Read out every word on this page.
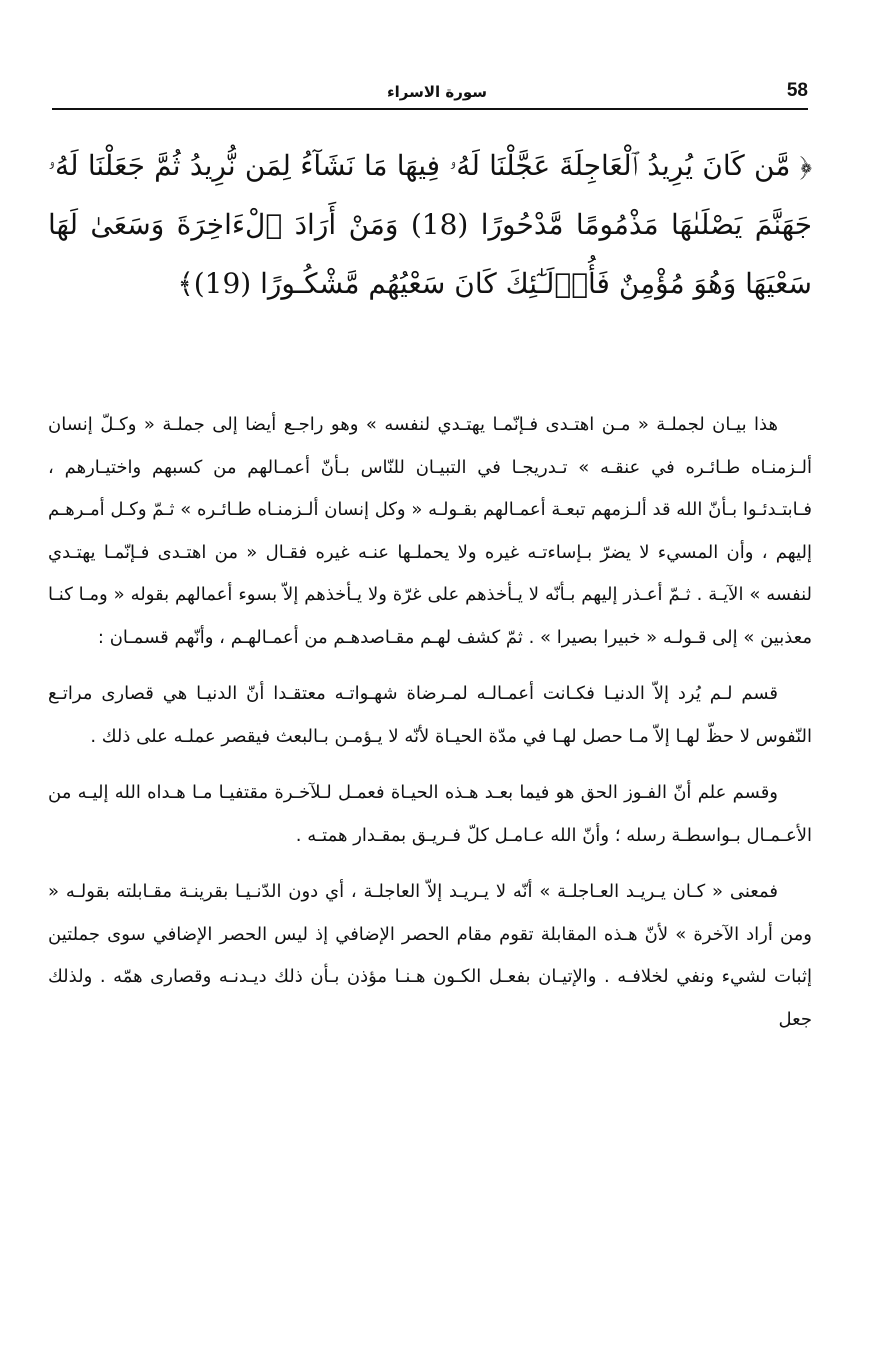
سورة الاسراء	58
﴿ مَّن كَانَ يُرِيدُ ٱلْعَاجِلَةَ عَجَّلْنَا لَهُۥ فِيهَا مَا نَشَآءُ لِمَن نُّرِيدُ ثُمَّ جَعَلْنَا لَهُۥ جَهَنَّمَ يَصْلَىٰهَا مَذْمُومًا مَّدْحُورًا (18) وَمَنْ أَرَادَ ٱلْءَاخِرَةَ وَسَعَىٰ لَهَا سَعْيَهَا وَهُوَ مُؤْمِنٌ فَأُو۟لَـٰٓئِكَ كَانَ سَعْيُهُم مَّشْكُـورًا (19)﴾

هذا بيـان لجملـة « مـن اهتـدى فـإنّمـا يهتـدي لنفسه » وهو راجـع أيضا إلى جملـة « وكـلّ إنسان ألـزمنـاه طـائـره في عنقـه » تـدريجـا في التبيـان للنّاس بـأنّ أعمـالهم من كسبهم واختيـارهم ، فـابتـدئـوا بـأنّ الله قد ألـزمهم تبعـة أعمـالهم بقـولـه « وكل إنسان ألـزمنـاه طـائـره » ثـمّ وكـل أمـرهـم إليهم ، وأن المسيء لا يضرّ بـإساءتـه غيره ولا يحملـها عنـه غيره فقـال « من اهتـدى فـإنّمـا يهتـدي لنفسه » الآيـة . ثـمّ أعـذر إليهم بـأنّه لا يـأخذهم على غرّة ولا يـأخذهم إلاّ بسوء أعمالهم بقوله « ومـا كنـا معذبين » إلى قـولـه « خبيرا بصيرا » . ثمّ كشف لهـم مقـاصدهـم من أعمـالهـم ، وأنّهم قسمـان :

قسم لـم يُرد إلاّ الدنيـا فكـانت أعمـالـه لمـرضاة شهـواتـه معتقـدا أنّ الدنيـا هي قصارى مراتـع النّفوس لا حظّ لهـا إلاّ مـا حصل لهـا في مدّة الحيـاة لأنّه لا يـؤمـن بـالبعث فيقصر عملـه على ذلك .

وقسم علم أنّ الفـوز الحق هو فيما بعـد هـذه الحيـاة فعمـل لـلآخـرة مقتفيـا مـا هـداه الله إليـه من الأعـمـال بـواسطـة رسله ؛ وأنّ الله عـامـل كلّ فـريـق بمقـدار همتـه .

فمعنى « كـان يـريـد العـاجلـة » أنّه لا يـريـد إلاّ العاجلـة ، أي دون الدّنـيـا بقرينـة مقـابلته بقولـه « ومن أراد الآخرة » لأنّ هـذه المقابلة تقوم مقام الحصر الإضافي إذ ليس الحصر الإضافي سوى جملتين إثبات لشيء ونفي لخلافـه . والإتيـان بفعـل الكـون هـنـا مؤذن بـأن ذلك ديـدنـه وقصارى همّه . ولذلك جعل
